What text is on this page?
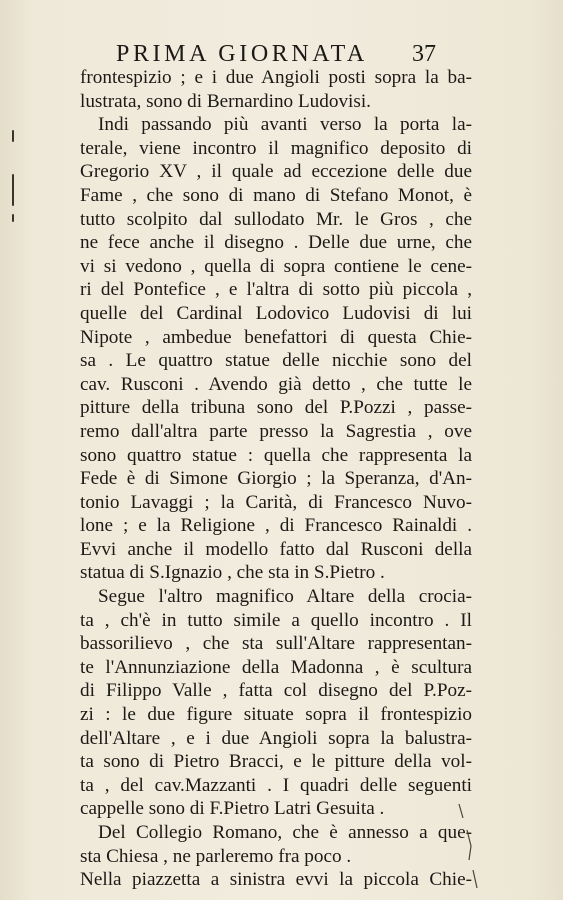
PRIMA GIORNATA 37
frontespizio ; e i due Angioli posti sopra la ba-
lustrata, sono di Bernardino Ludovisi.
Indi passando più avanti verso la porta la-
terale, viene incontro il magnifico deposito di
Gregorio XV , il quale ad eccezione delle due
Fame , che sono di mano di Stefano Monot, è
tutto scolpito dal sullodato Mr. le Gros , che
ne fece anche il disegno . Delle due urne, che
vi si vedono , quella di sopra contiene le cene-
ri del Pontefice , e l'altra di sotto più piccola ,
quelle del Cardinal Lodovico Ludovisi di lui
Nipote , ambedue benefattori di questa Chie-
sa . Le quattro statue delle nicchie sono del
cav. Rusconi . Avendo già detto , che tutte le
pitture della tribuna sono del P.Pozzi , passe-
remo dall'altra parte presso la Sagrestia , ove
sono quattro statue : quella che rappresenta la
Fede è di Simone Giorgio ; la Speranza, d'An-
tonio Lavaggi ; la Carità, di Francesco Nuvo-
lone ; e la Religione , di Francesco Rainaldi .
Evvi anche il modello fatto dal Rusconi della
statua di S.Ignazio , che sta in S.Pietro .
Segue l'altro magnifico Altare della crocia-
ta , ch'è in tutto simile a quello incontro . Il
bassorilievo , che sta sull'Altare rappresentan-
te l'Annunziazione della Madonna , è scultura
di Filippo Valle , fatta col disegno del P.Poz-
zi : le due figure situate sopra il frontespizio
dell'Altare , e i due Angioli sopra la balustra-
ta sono di Pietro Bracci, e le pitture della vol-
ta , del cav.Mazzanti . I quadri delle seguenti
cappelle sono di F.Pietro Latri Gesuita .
Del Collegio Romano, che è annesso a que-
sta Chiesa , ne parleremo fra poco .
Nella piazzetta a sinistra evvi la piccola Chie-
